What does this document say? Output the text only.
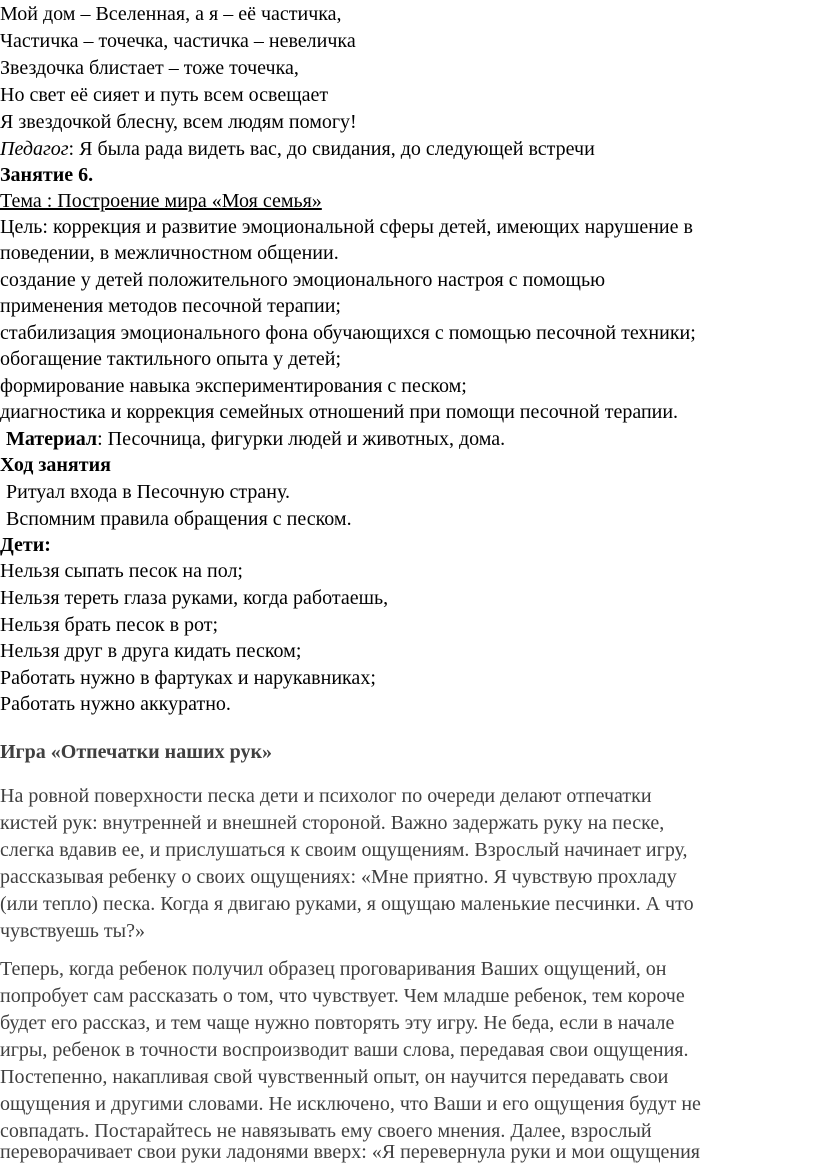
Мой дом – Вселенная, а я – её частичка,
Частичка – точечка, частичка – невеличка
Звездочка блистает – тоже точечка,
Но свет её сияет и путь всем освещает
Я звездочкой блесну, всем людям помогу!
Педагог: Я была рада видеть вас, до свидания, до следующей встречи
Занятие 6.
Тема : Построение мира «Моя семья»
Цель: коррекция и развитие эмоциональной сферы детей, имеющих нарушение в
поведении, в межличностном общении.
создание у детей положительного эмоционального настроя с помощью
применения методов песочной терапии;
стабилизация эмоционального фона обучающихся с помощью песочной техники;
обогащение тактильного опыта у детей;
формирование навыка экспериментирования с песком;
диагностика и коррекция семейных отношений при помощи песочной терапии.
Материал: Песочница, фигурки людей и животных, дома.
Ход занятия
Ритуал входа в Песочную страну.
Вспомним правила обращения с песком.
Дети:
Нельзя сыпать песок на пол;
Нельзя тереть глаза руками, когда работаешь,
Нельзя брать песок в рот;
Нельзя друг в друга кидать песком;
Работать нужно в фартуках и нарукавниках;
Работать нужно аккуратно.
Игра «Отпечатки наших рук»
На ровной поверхности песка дети и психолог по очереди делают отпечатки
кистей рук: внутренней и внешней стороной. Важно задержать руку на песке,
слегка вдавив ее, и прислушаться к своим ощущениям. Взрослый начинает игру,
рассказывая ребенку о своих ощущениях: «Мне приятно. Я чувствую прохладу
(или тепло) песка. Когда я двигаю руками, я ощущаю маленькие песчинки. А что
чувствуешь ты?»
Теперь, когда ребенок получил образец проговаривания Ваших ощущений, он
попробует сам рассказать о том, что чувствует. Чем младше ребенок, тем короче
будет его рассказ, и тем чаще нужно повторять эту игру. Не беда, если в начале
игры, ребенок в точности воспроизводит ваши слова, передавая свои ощущения.
Постепенно, накапливая свой чувственный опыт, он научится передавать свои
ощущения и другими словами. Не исключено, что Ваши и его ощущения будут не
совпадать. Постарайтесь не навязывать ему своего мнения. Далее, взрослый
переворачивает свои руки ладонями вверх: «Я перевернула руки и мои ощущения
